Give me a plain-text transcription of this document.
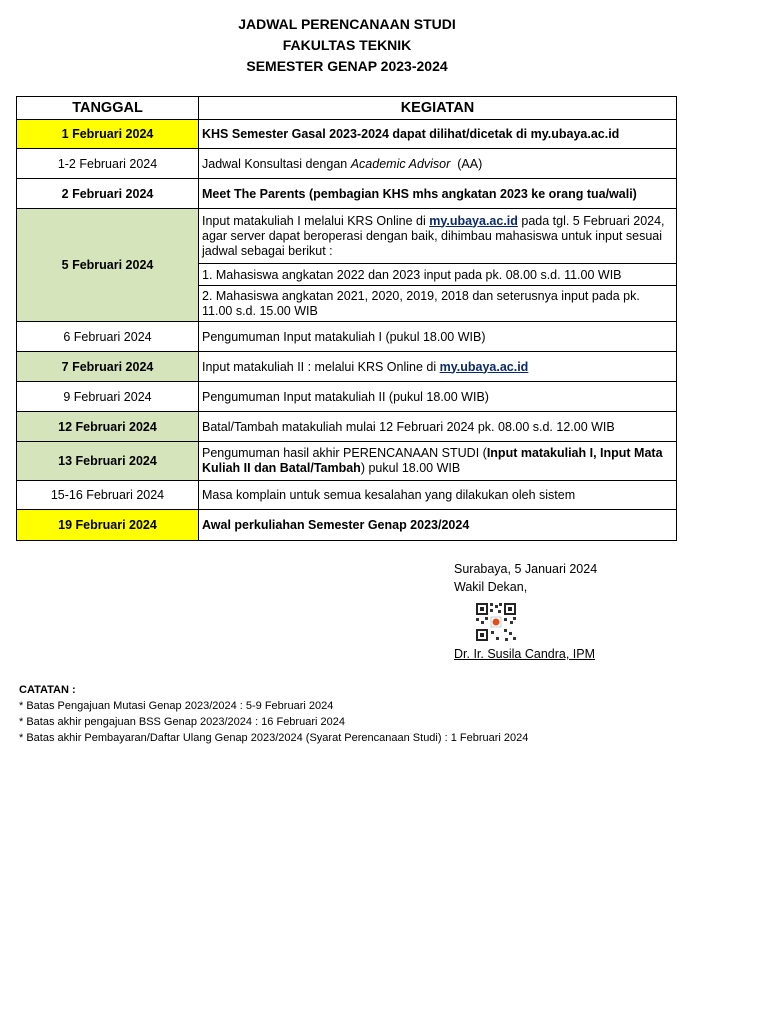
JADWAL PERENCANAAN STUDI
FAKULTAS TEKNIK
SEMESTER GENAP 2023-2024
TANGGAL	KEGIATAN
1 Februari 2024	KHS Semester Gasal 2023-2024 dapat dilihat/dicetak di my.ubaya.ac.id
1-2 Februari 2024	Jadwal Konsultasi dengan Academic Advisor  (AA)
2 Februari 2024	Meet The Parents (pembagian KHS mhs angkatan 2023 ke orang tua/wali)
5 Februari 2024	Input matakuliah I melalui KRS Online di my.ubaya.ac.id pada tgl. 5 Februari 2024, agar server dapat beroperasi dengan baik, dihimbau mahasiswa untuk input sesuai jadwal sebagai berikut :
	1. Mahasiswa angkatan 2022 dan 2023 input pada pk. 08.00 s.d. 11.00 WIB
	2. Mahasiswa angkatan 2021, 2020, 2019, 2018 dan seterusnya input pada pk. 11.00 s.d. 15.00 WIB
6 Februari 2024	Pengumuman Input matakuliah I (pukul 18.00 WIB)
7 Februari 2024	Input matakuliah II : melalui KRS Online di my.ubaya.ac.id
9 Februari 2024	Pengumuman Input matakuliah II (pukul 18.00 WIB)
12 Februari 2024	Batal/Tambah matakuliah mulai 12 Februari 2024 pk. 08.00 s.d. 12.00 WIB
13 Februari 2024	Pengumuman hasil akhir PERENCANAAN STUDI (Input matakuliah I, Input Mata Kuliah II dan Batal/Tambah) pukul 18.00 WIB
15-16 Februari 2024	Masa komplain untuk semua kesalahan yang dilakukan oleh sistem
19 Februari 2024	Awal perkuliahan Semester Genap 2023/2024
Surabaya, 5 Januari 2024
Wakil Dekan,
Dr. Ir. Susila Candra, IPM
CATATAN :
* Batas Pengajuan Mutasi Genap 2023/2024 : 5-9 Februari 2024
* Batas akhir pengajuan BSS Genap 2023/2024 : 16 Februari 2024
* Batas akhir Pembayaran/Daftar Ulang Genap 2023/2024 (Syarat Perencanaan Studi) : 1 Februari 2024
